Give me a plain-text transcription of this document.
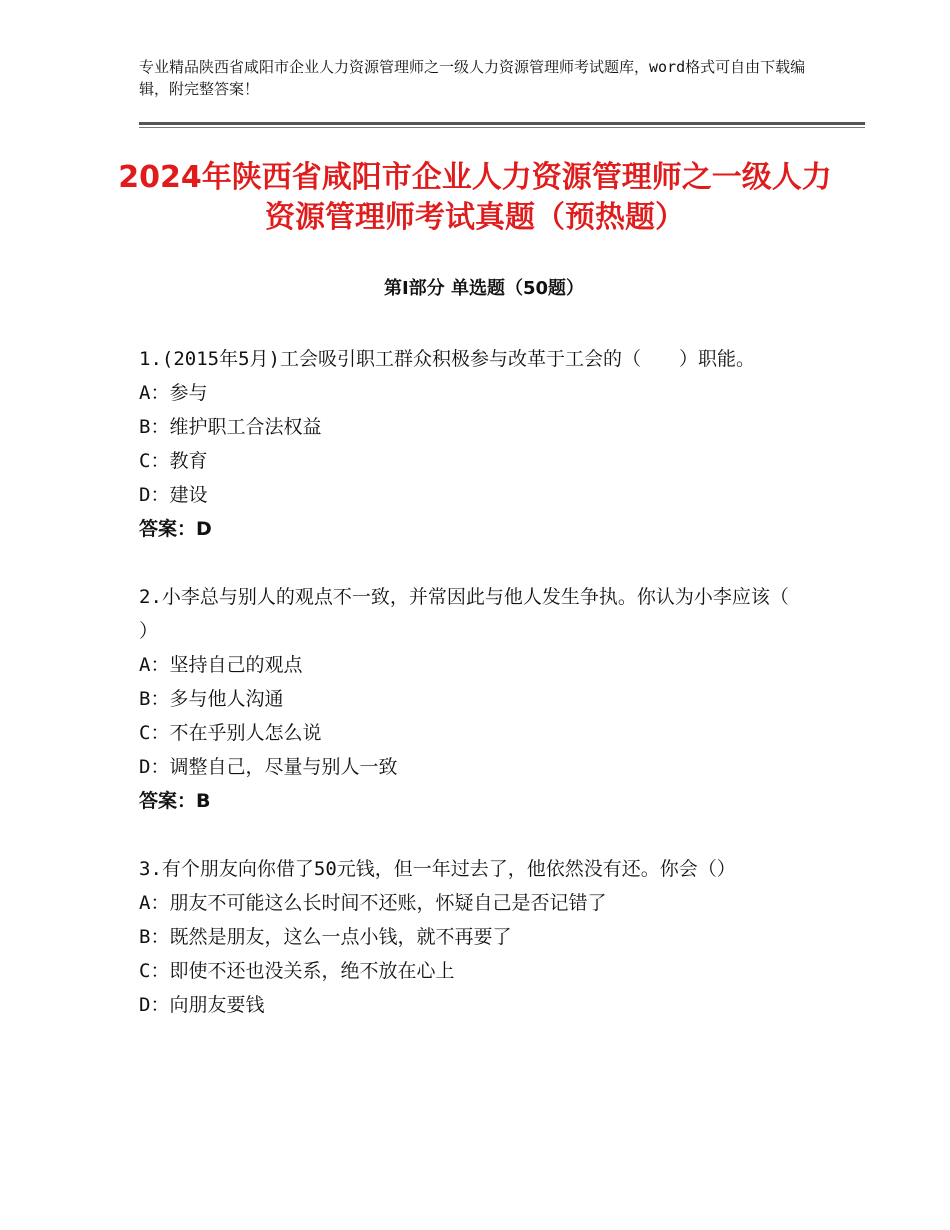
专业精品陕西省咸阳市企业人力资源管理师之一级人力资源管理师考试题库，word格式可自由下载编辑，附完整答案！
2024年陕西省咸阳市企业人力资源管理师之一级人力资源管理师考试真题（预热题）
第Ⅰ部分 单选题（50题）

1.(2015年5月)工会吸引职工群众积极参与改革于工会的（　　）职能。

A：参与

B：维护职工合法权益

C：教育

D：建设

答案：D

2.小李总与别人的观点不一致，并常因此与他人发生争执。你认为小李应该（ ）

A：坚持自己的观点

B：多与他人沟通

C：不在乎别人怎么说

D：调整自己，尽量与别人一致

答案：B

3.有个朋友向你借了50元钱，但一年过去了，他依然没有还。你会（）

A：朋友不可能这么长时间不还账，怀疑自己是否记错了

B：既然是朋友，这么一点小钱，就不再要了

C：即使不还也没关系，绝不放在心上

D：向朋友要钱
